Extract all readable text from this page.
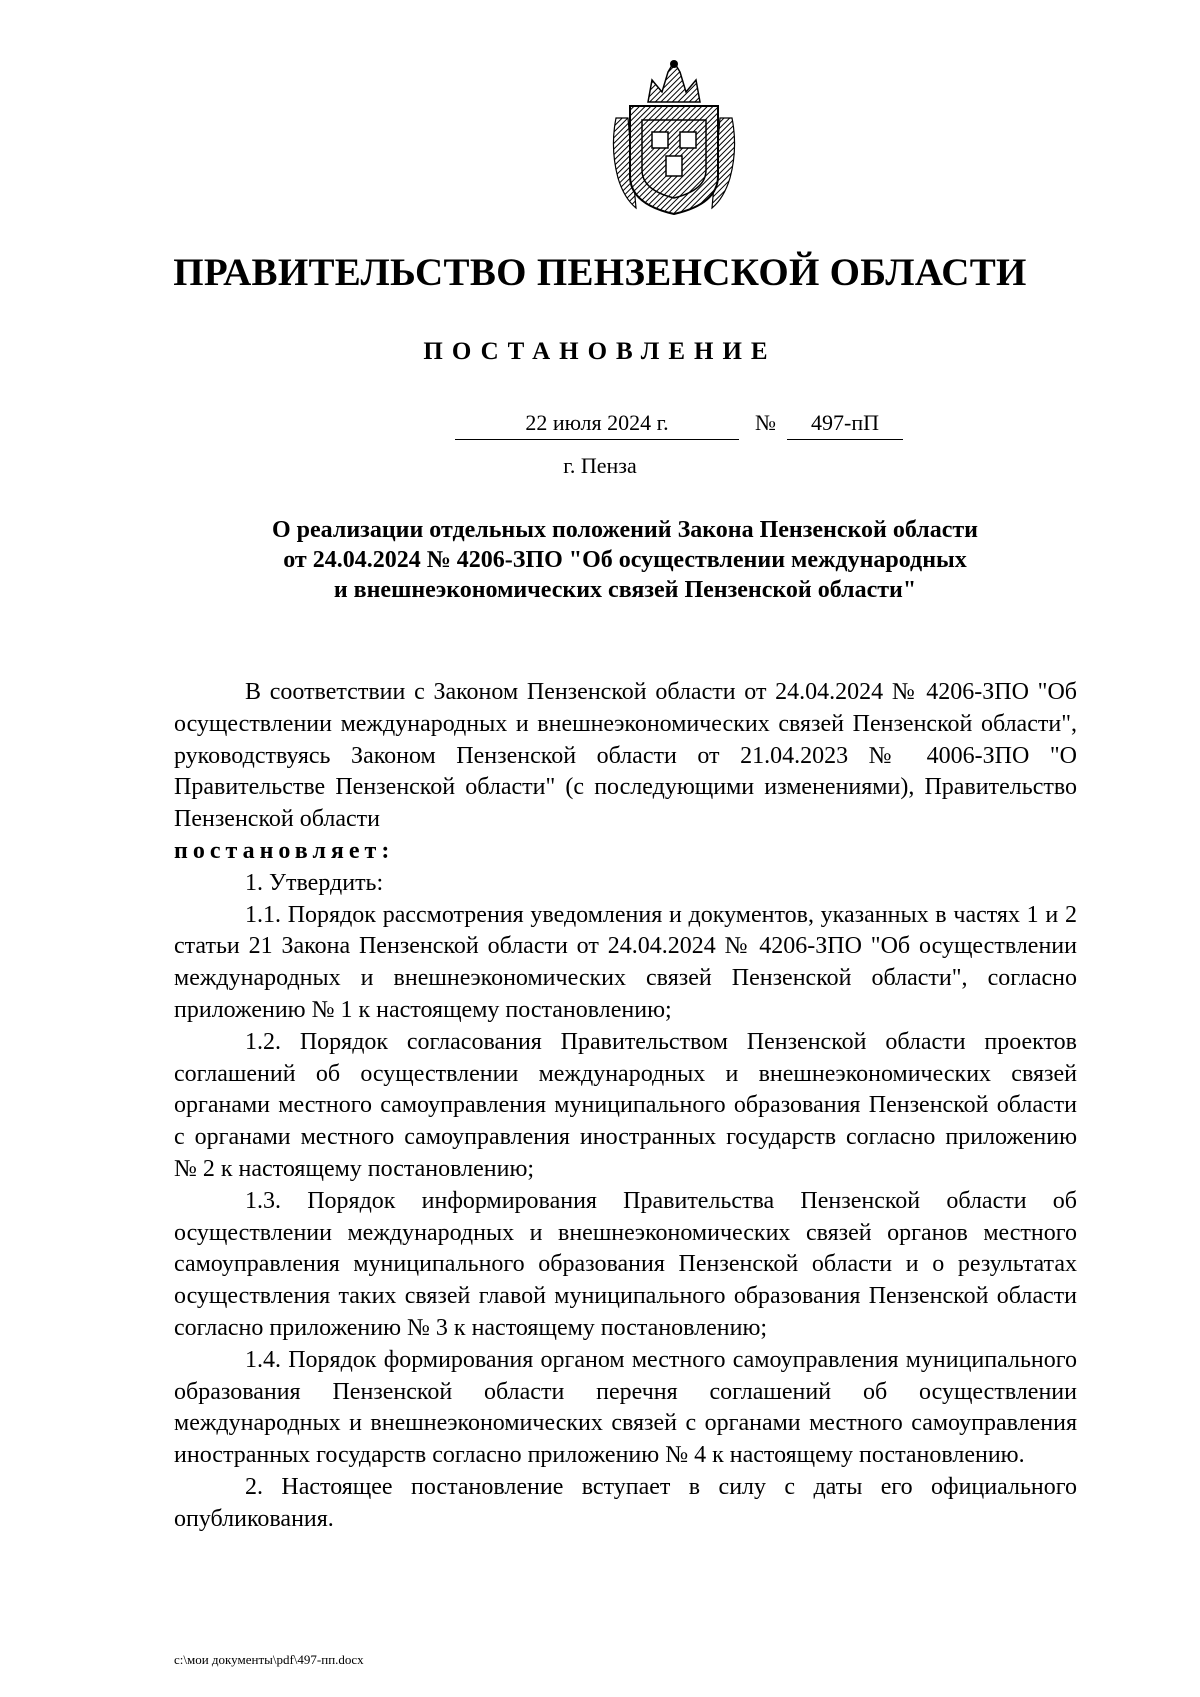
ПРАВИТЕЛЬСТВО ПЕНЗЕНСКОЙ ОБЛАСТИ
ПОСТАНОВЛЕНИЕ
22 июля 2024 г.	№	497-пП
г. Пенза
О реализации отдельных положений Закона Пензенской области
от 24.04.2024 № 4206-ЗПО "Об осуществлении международных
и внешнеэкономических связей Пензенской области"

В соответствии с Законом Пензенской области от 24.04.2024 № 4206-ЗПО "Об осуществлении международных и внешнеэкономических связей Пензенской области", руководствуясь Законом Пензенской области от 21.04.2023 № 4006-ЗПО "О Правительстве Пензенской области" (с последующими изменениями), Правительство Пензенской области

постановляет:

1. Утвердить:

1.1. Порядок рассмотрения уведомления и документов, указанных в частях 1 и 2 статьи 21 Закона Пензенской области от 24.04.2024 № 4206-ЗПО "Об осуществлении международных и внешнеэкономических связей Пензенской области", согласно приложению № 1 к настоящему постановлению;

1.2. Порядок согласования Правительством Пензенской области проектов соглашений об осуществлении международных и внешнеэкономических связей органами местного самоуправления муниципального образования Пензенской области с органами местного самоуправления иностранных государств согласно приложению № 2 к настоящему постановлению;

1.3. Порядок информирования Правительства Пензенской области об осуществлении международных и внешнеэкономических связей органов местного самоуправления муниципального образования Пензенской области и о результатах осуществления таких связей главой муниципального образования Пензенской области согласно приложению № 3 к настоящему постановлению;

1.4. Порядок формирования органом местного самоуправления муниципального образования Пензенской области перечня соглашений об осуществлении международных и внешнеэкономических связей с органами местного самоуправления иностранных государств согласно приложению № 4 к настоящему постановлению.

2. Настоящее постановление вступает в силу с даты его официального опубликования.

c:\мои документы\pdf\497-пп.docx
